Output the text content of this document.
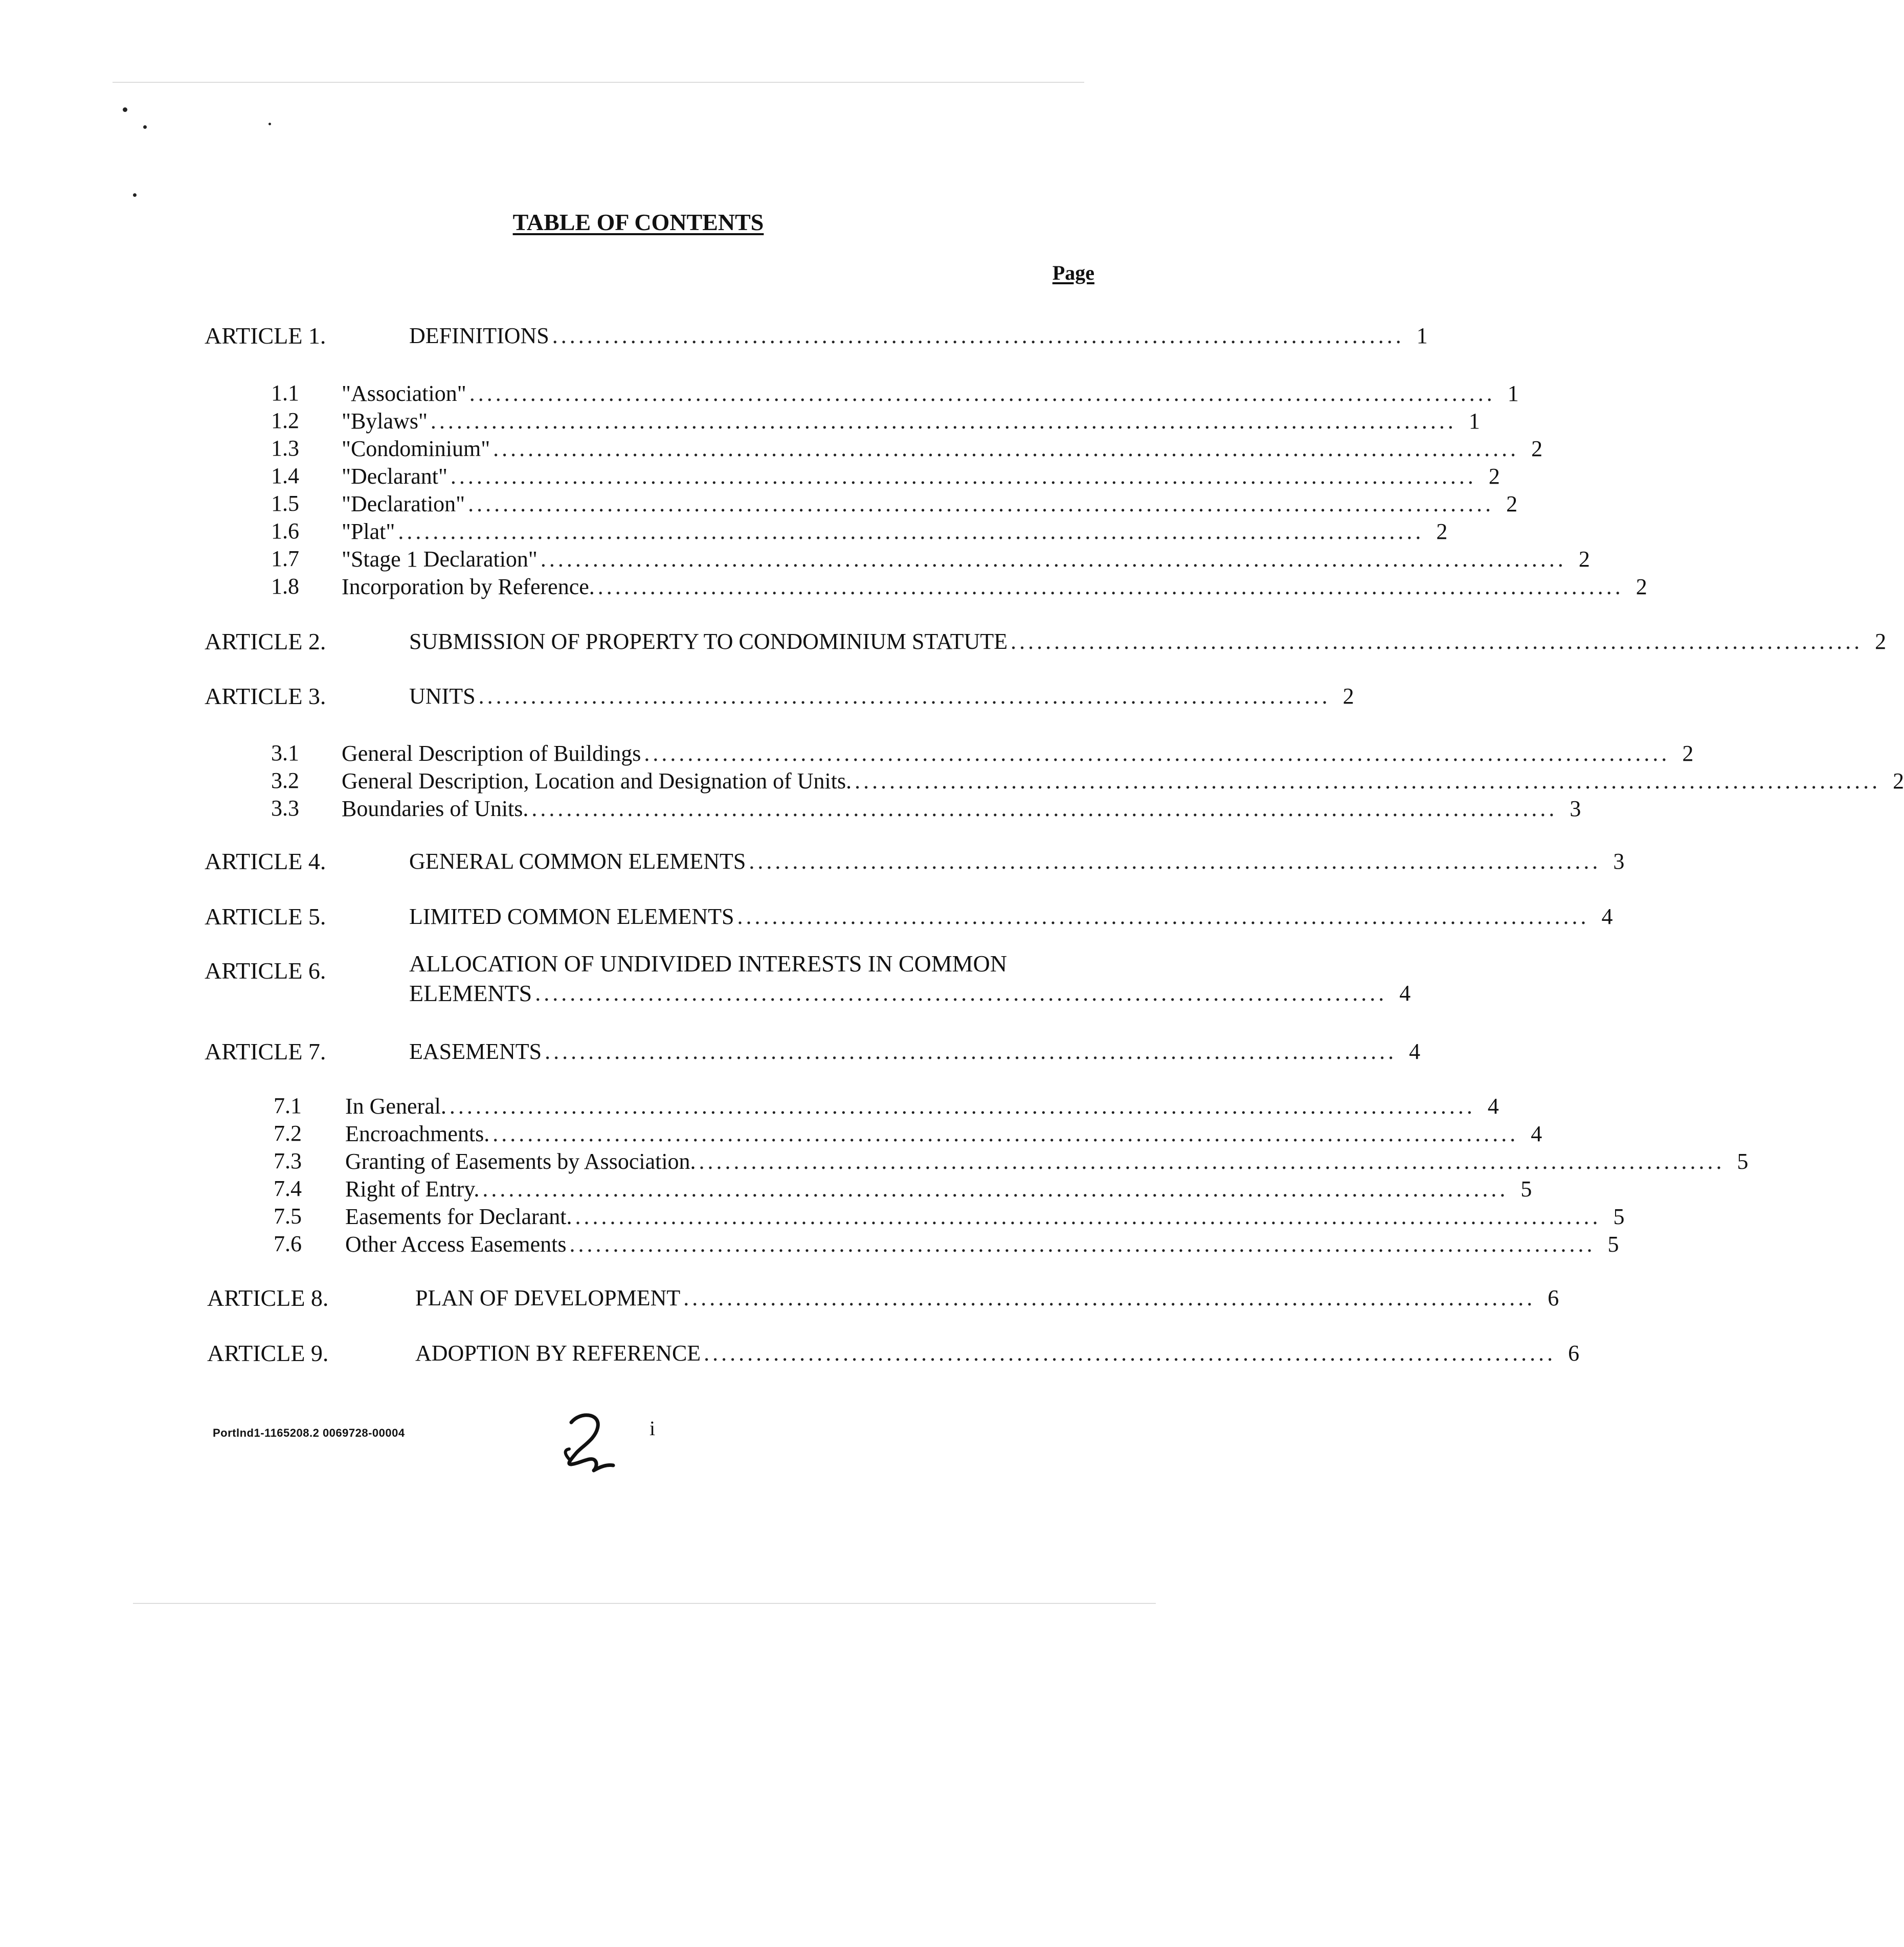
TABLE OF CONTENTS
Page
ARTICLE 1.	DEFINITIONS .................................................................................................. 1
1.1 "Association" ...................................................................................................................... 1
1.2 "Bylaws" ...................................................................................................................... 1
1.3 "Condominium" ...................................................................................................................... 2
1.4 "Declarant" ...................................................................................................................... 2
1.5 "Declaration" ...................................................................................................................... 2
1.6 "Plat" ...................................................................................................................... 2
1.7 "Stage 1 Declaration" ...................................................................................................................... 2
1.8 Incorporation by Reference. ...................................................................................................................... 2
ARTICLE 2.	SUBMISSION OF PROPERTY TO CONDOMINIUM STATUTE .................................................................................................. 2
ARTICLE 3.	UNITS .................................................................................................. 2
3.1 General Description of Buildings ...................................................................................................................... 2
3.2 General Description, Location and Designation of Units. ...................................................................................................................... 2
3.3 Boundaries of Units. ...................................................................................................................... 3
ARTICLE 4.	GENERAL COMMON ELEMENTS .................................................................................................. 3
ARTICLE 5.	LIMITED COMMON ELEMENTS .................................................................................................. 4
ARTICLE 6.	ALLOCATION OF UNDIVIDED INTERESTS IN COMMON
ELEMENTS .................................................................................................. 4
ARTICLE 7.	EASEMENTS .................................................................................................. 4
7.1 In General. ...................................................................................................................... 4
7.2 Encroachments. ...................................................................................................................... 4
7.3 Granting of Easements by Association. ...................................................................................................................... 5
7.4 Right of Entry. ...................................................................................................................... 5
7.5 Easements for Declarant. ...................................................................................................................... 5
7.6 Other Access Easements ...................................................................................................................... 5
ARTICLE 8.	PLAN OF DEVELOPMENT .................................................................................................. 6
ARTICLE 9.	ADOPTION BY REFERENCE .................................................................................................. 6
Portlnd1-1165208.2 0069728-00004	i
